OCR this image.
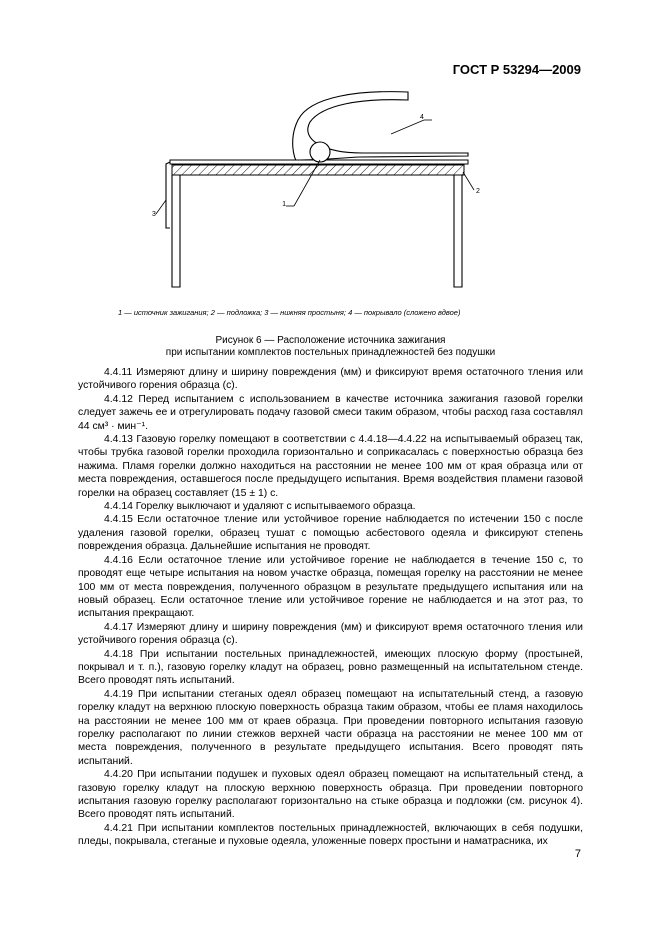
ГОСТ Р 53294—2009
1
2
3
4
1 — источник зажигания; 2 — подложка; 3 — нижняя простыня; 4 — покрывало (сложено вдвое)
Рисунок 6 — Расположение источника зажигания
при испытании комплектов постельных принадлежностей без подушки

4.4.11 Измеряют длину и ширину повреждения (мм) и фиксируют время остаточного тления или устойчивого горения образца (с).

4.4.12 Перед испытанием с использованием в качестве источника зажигания газовой горелки следует зажечь ее и отрегулировать подачу газовой смеси таким образом, чтобы расход газа составлял 44 см³ · мин⁻¹.

4.4.13 Газовую горелку помещают в соответствии с 4.4.18—4.4.22 на испытываемый образец так, чтобы трубка газовой горелки проходила горизонтально и соприкасалась с поверхностью образца без нажима. Пламя горелки должно находиться на расстоянии не менее 100 мм от края образца или от места повреждения, оставшегося после предыдущего испытания. Время воздействия пламени газовой горелки на образец составляет (15 ± 1) с.

4.4.14 Горелку выключают и удаляют с испытываемого образца.

4.4.15 Если остаточное тление или устойчивое горение наблюдается по истечении 150 с после удаления газовой горелки, образец тушат с помощью асбестового одеяла и фиксируют степень повреждения образца. Дальнейшие испытания не проводят.

4.4.16 Если остаточное тление или устойчивое горение не наблюдается в течение 150 с, то проводят еще четыре испытания на новом участке образца, помещая горелку на расстоянии не менее 100 мм от места повреждения, полученного образцом в результате предыдущего испытания или на новый образец. Если остаточное тление или устойчивое горение не наблюдается и на этот раз, то испытания прекращают.

4.4.17 Измеряют длину и ширину повреждения (мм) и фиксируют время остаточного тления или устойчивого горения образца (с).

4.4.18 При испытании постельных принадлежностей, имеющих плоскую форму (простыней, покрывал и т. п.), газовую горелку кладут на образец, ровно размещенный на испытательном стенде. Всего проводят пять испытаний.

4.4.19 При испытании стеганых одеял образец помещают на испытательный стенд, а газовую горелку кладут на верхнюю плоскую поверхность образца таким образом, чтобы ее пламя находилось на расстоянии не менее 100 мм от краев образца. При проведении повторного испытания газовую горелку располагают по линии стежков верхней части образца на расстоянии не менее 100 мм от места повреждения, полученного в результате предыдущего испытания. Всего проводят пять испытаний.

4.4.20 При испытании подушек и пуховых одеял образец помещают на испытательный стенд, а газовую горелку кладут на плоскую верхнюю поверхность образца. При проведении повторного испытания газовую горелку располагают горизонтально на стыке образца и подложки (см. рисунок 4). Всего проводят пять испытаний.

4.4.21 При испытании комплектов постельных принадлежностей, включающих в себя подушки, пледы, покрывала, стеганые и пуховые одеяла, уложенные поверх простыни и наматрасника, их

7
